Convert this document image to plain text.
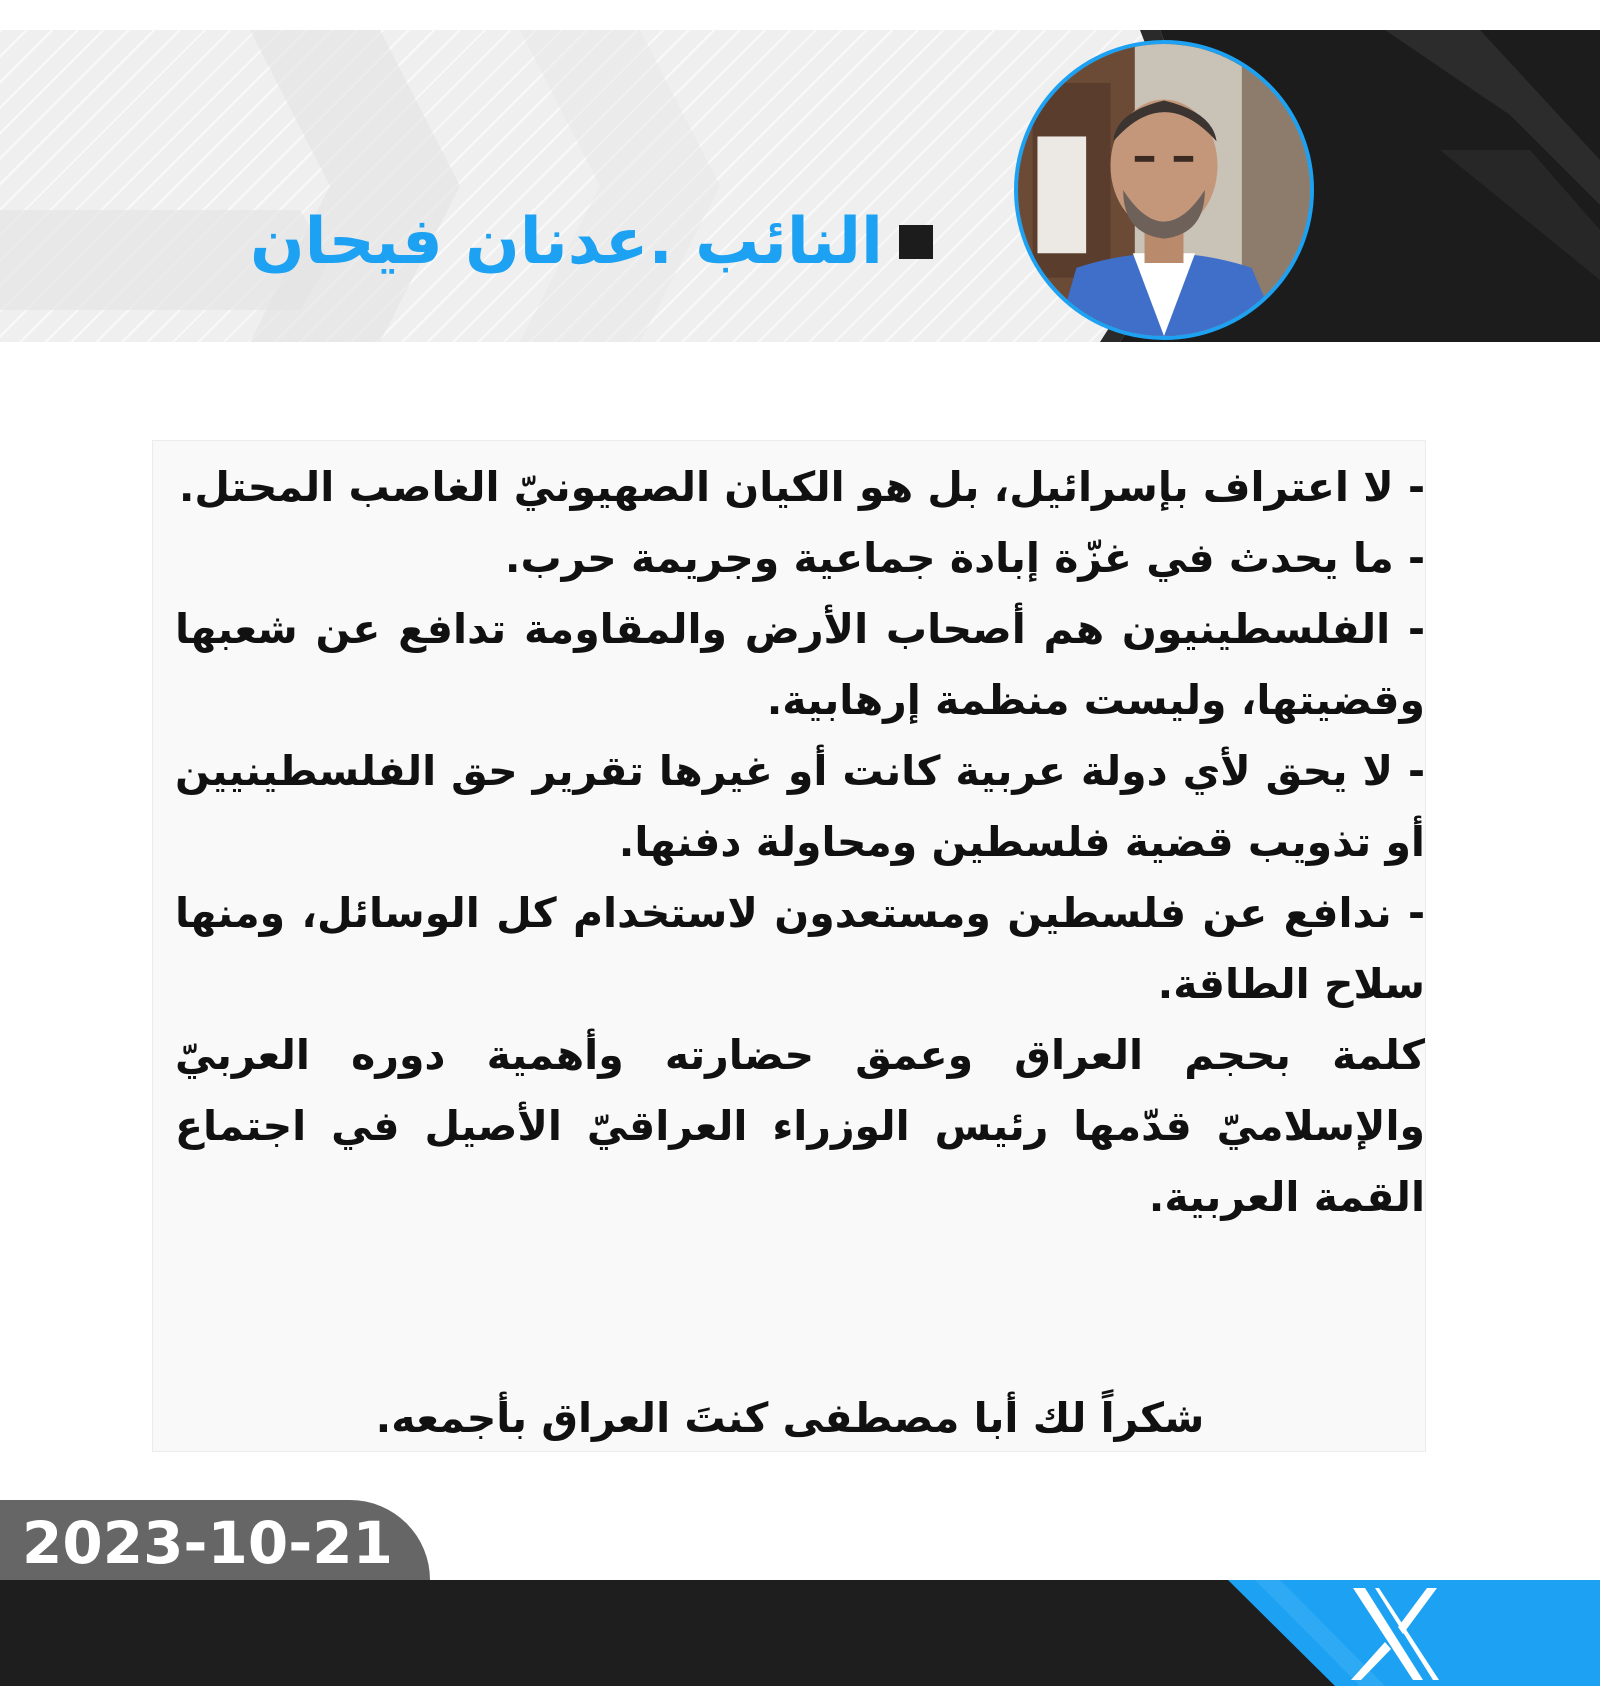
النائب .عدنان فيحان

- لا اعتراف بإسرائيل، بل هو الكيان الصهيونيّ الغاصب المحتل.

- ما يحدث في غزّة إبادة جماعية وجريمة حرب.

- الفلسطينيون هم أصحاب الأرض والمقاومة تدافع عن شعبها وقضيتها، وليست منظمة إرهابية.

- لا يحق لأي دولة عربية كانت أو غيرها تقرير حق الفلسطينيين أو تذويب قضية فلسطين ومحاولة دفنها.

- ندافع عن فلسطين ومستعدون لاستخدام كل الوسائل، ومنها سلاح الطاقة.

كلمة بحجم العراق وعمق حضارته وأهمية دوره العربيّ والإسلاميّ قدّمها رئيس الوزراء العراقيّ الأصيل في اجتماع القمة العربية.

شكراً لك أبا مصطفى كنتَ العراق بأجمعه.
2023-10-21
